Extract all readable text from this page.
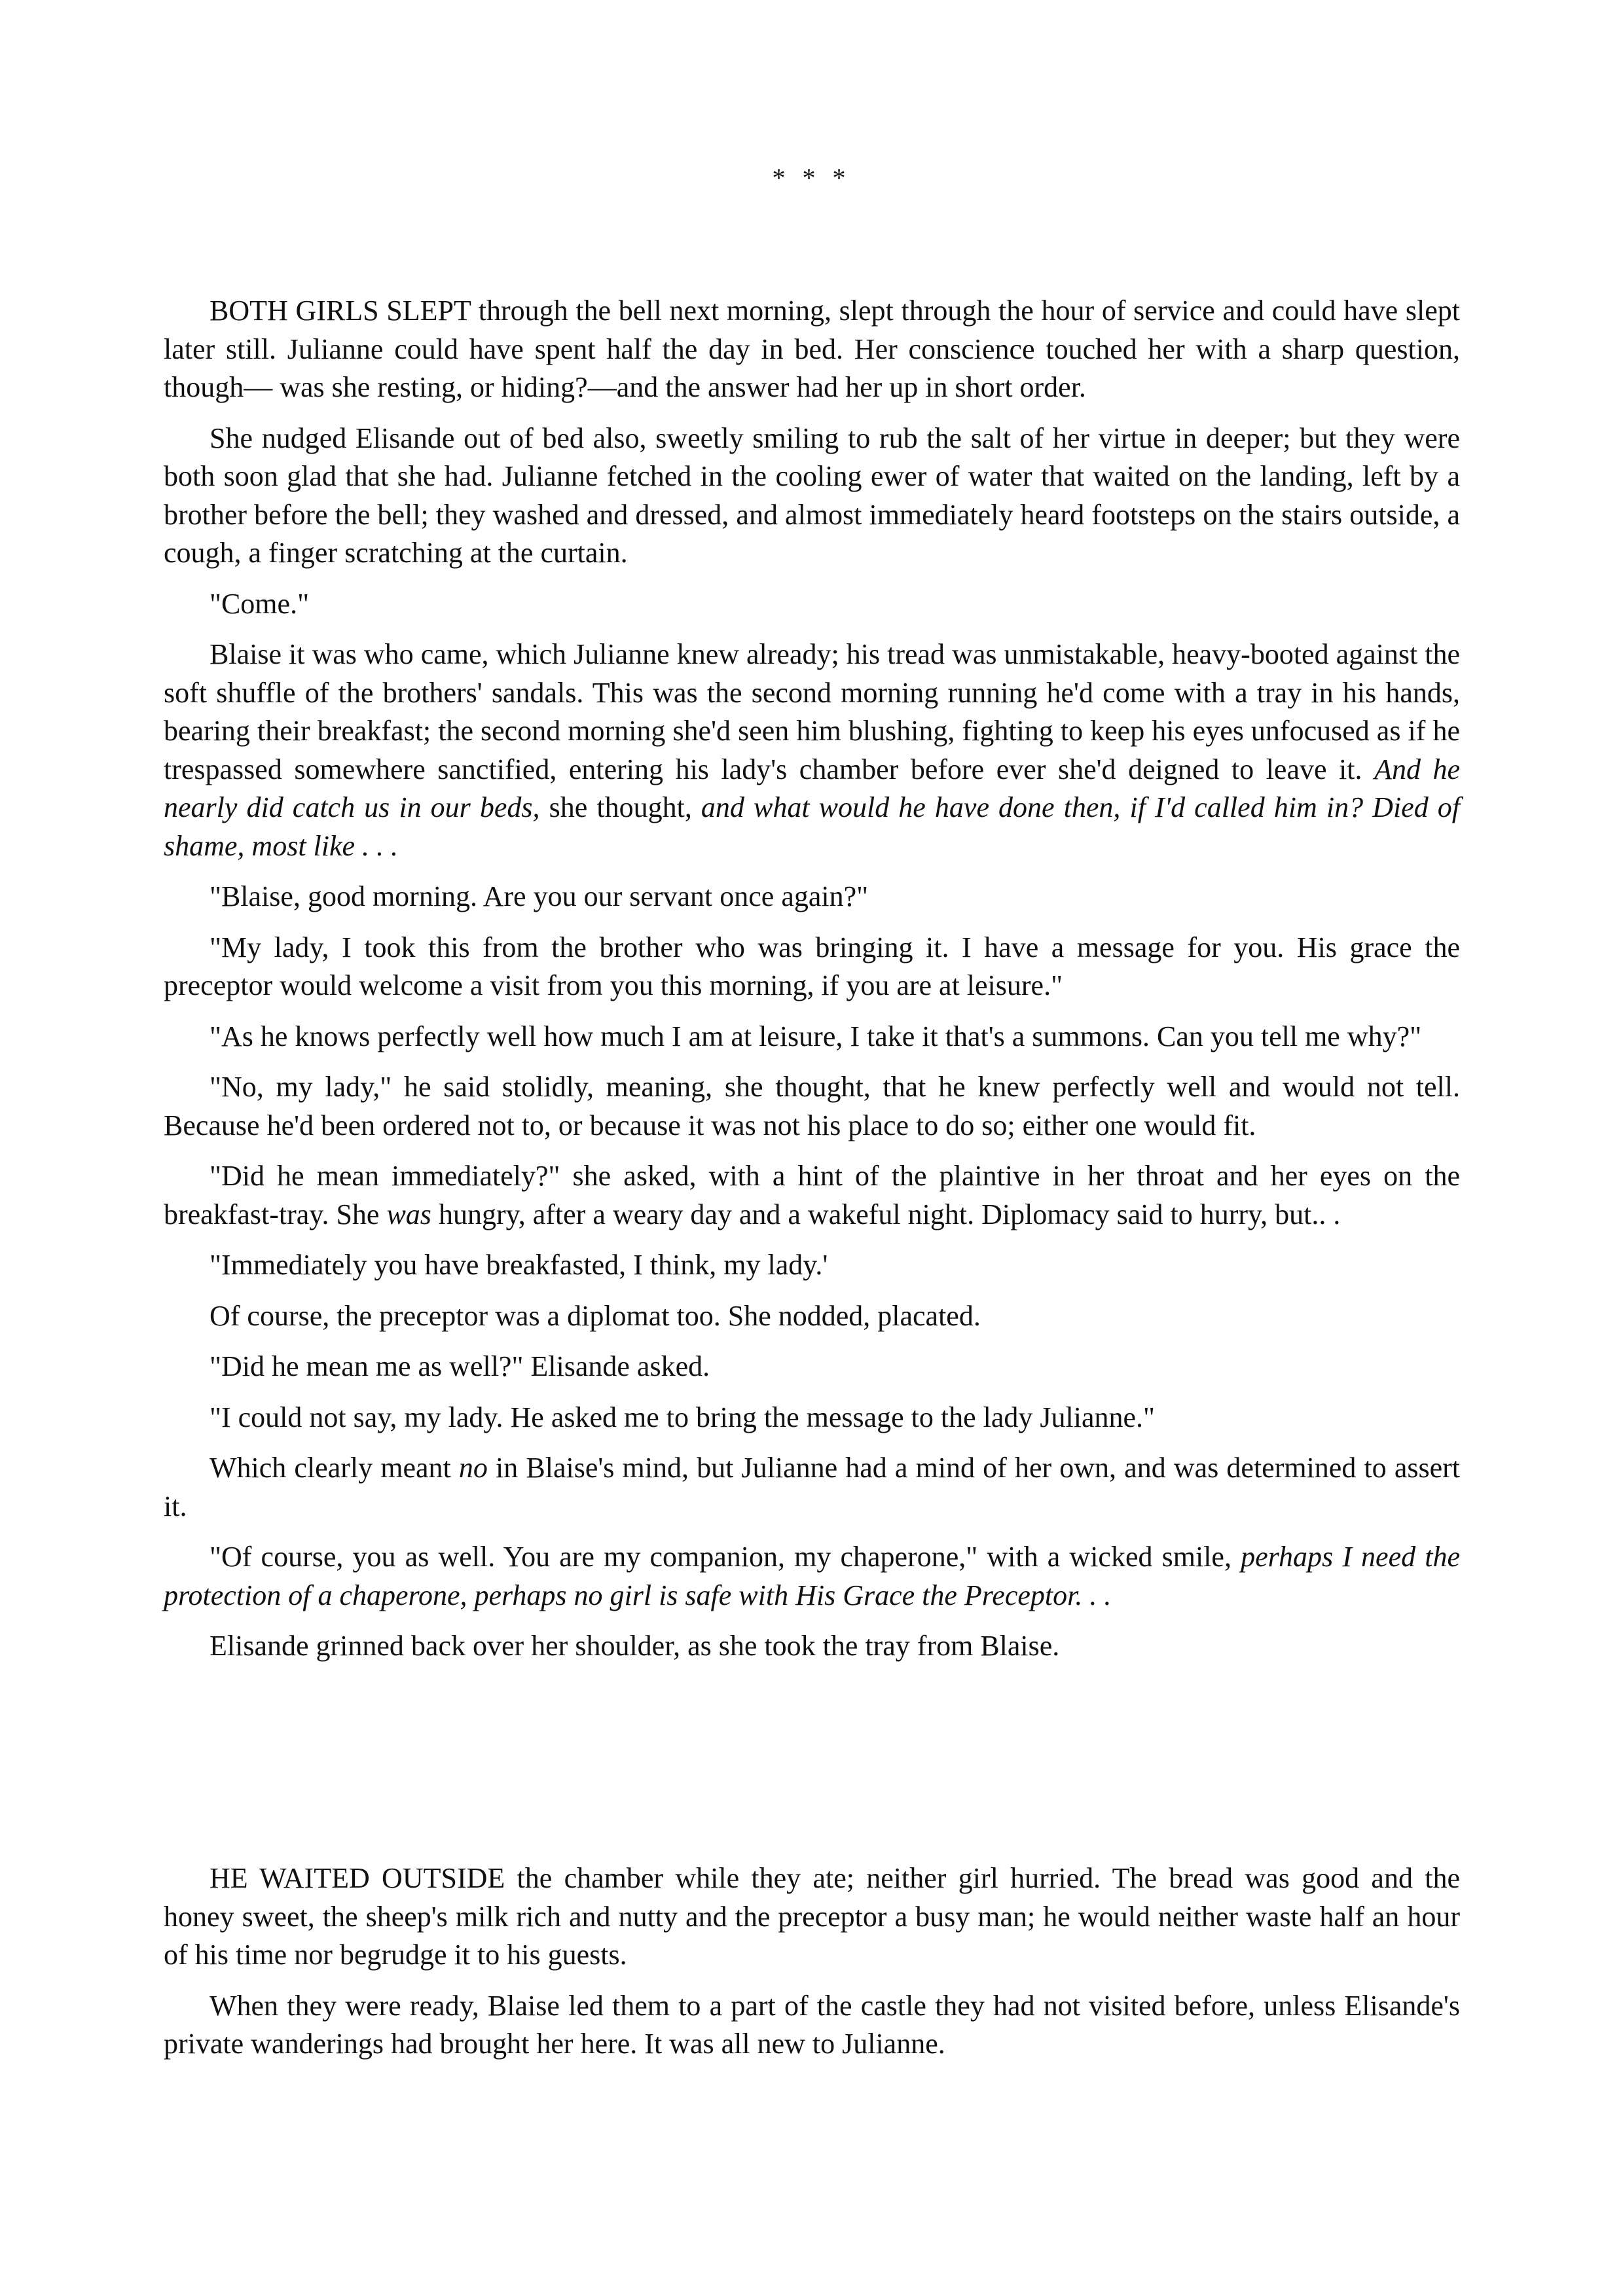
* * *

BOTH GIRLS SLEPT through the bell next morning, slept through the hour of service and could have slept later still. Julianne could have spent half the day in bed. Her conscience touched her with a sharp question, though— was she resting, or hiding?—and the answer had her up in short order.

She nudged Elisande out of bed also, sweetly smiling to rub the salt of her virtue in deeper; but they were both soon glad that she had. Julianne fetched in the cooling ewer of water that waited on the landing, left by a brother before the bell; they washed and dressed, and almost immediately heard footsteps on the stairs outside, a cough, a finger scratching at the curtain.

"Come."

Blaise it was who came, which Julianne knew already; his tread was unmistakable, heavy-booted against the soft shuffle of the brothers' sandals. This was the second morning running he'd come with a tray in his hands, bearing their breakfast; the second morning she'd seen him blushing, fighting to keep his eyes unfocused as if he trespassed somewhere sanctified, entering his lady's chamber before ever she'd deigned to leave it. And he nearly did catch us in our beds, she thought, and what would he have done then, if I'd called him in? Died of shame, most like . . .

"Blaise, good morning. Are you our servant once again?"

"My lady, I took this from the brother who was bringing it. I have a message for you. His grace the preceptor would welcome a visit from you this morning, if you are at leisure."

"As he knows perfectly well how much I am at leisure, I take it that's a summons. Can you tell me why?"

"No, my lady," he said stolidly, meaning, she thought, that he knew perfectly well and would not tell. Because he'd been ordered not to, or because it was not his place to do so; either one would fit.

"Did he mean immediately?" she asked, with a hint of the plaintive in her throat and her eyes on the breakfast-tray. She was hungry, after a weary day and a wakeful night. Diplomacy said to hurry, but.. .

"Immediately you have breakfasted, I think, my lady.'

Of course, the preceptor was a diplomat too. She nodded, placated.

"Did he mean me as well?" Elisande asked.

"I could not say, my lady. He asked me to bring the message to the lady Julianne."

Which clearly meant no in Blaise's mind, but Julianne had a mind of her own, and was determined to assert it.

"Of course, you as well. You are my companion, my chaperone," with a wicked smile, perhaps I need the protection of a chaperone, perhaps no girl is safe with His Grace the Preceptor. . .

Elisande grinned back over her shoulder, as she took the tray from Blaise.

HE WAITED OUTSIDE the chamber while they ate; neither girl hurried. The bread was good and the honey sweet, the sheep's milk rich and nutty and the preceptor a busy man; he would neither waste half an hour of his time nor begrudge it to his guests.

When they were ready, Blaise led them to a part of the castle they had not visited before, unless Elisande's private wanderings had brought her here. It was all new to Julianne.
